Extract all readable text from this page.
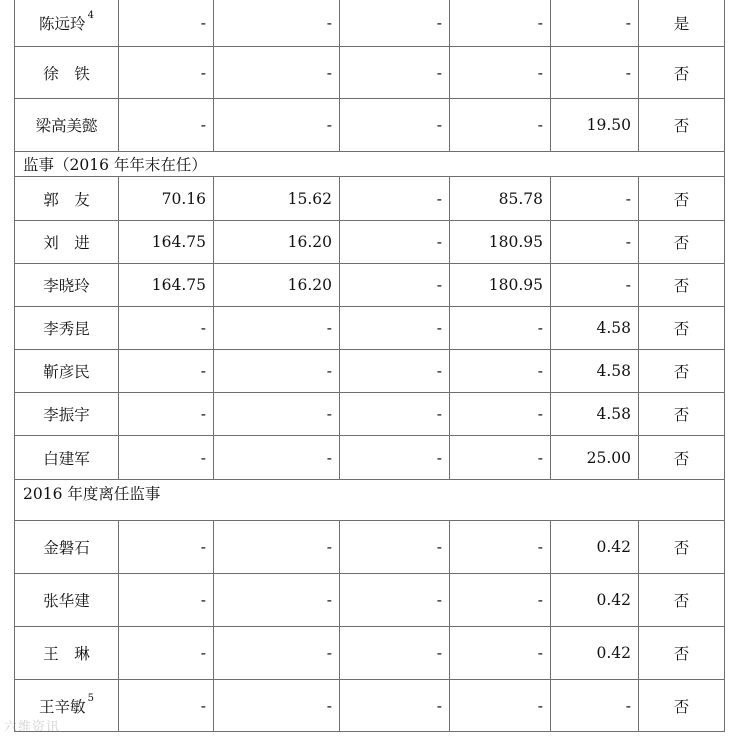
陈远玲 $^4$	-	-	-	-	-	是
徐　铁	-	-	-	-	-	否
梁高美懿	-	-	-	-	19.50	否
监事（2016 年年末在任）						
郭　友	70.16	15.62	-	85.78	-	否
刘　进	164.75	16.20	-	180.95	-	否
李晓玲	164.75	16.20	-	180.95	-	否
李秀昆	-	-	-	-	4.58	否
靳彦民	-	-	-	-	4.58	否
李振宇	-	-	-	-	4.58	否
白建军	-	-	-	-	25.00	否
2016 年度离任监事						
金磐石	-	-	-	-	0.42	否
张华建	-	-	-	-	0.42	否
王　琳	-	-	-	-	0.42	否
王辛敏 $^5$	-	-	-	-	-	否
六维资讯
